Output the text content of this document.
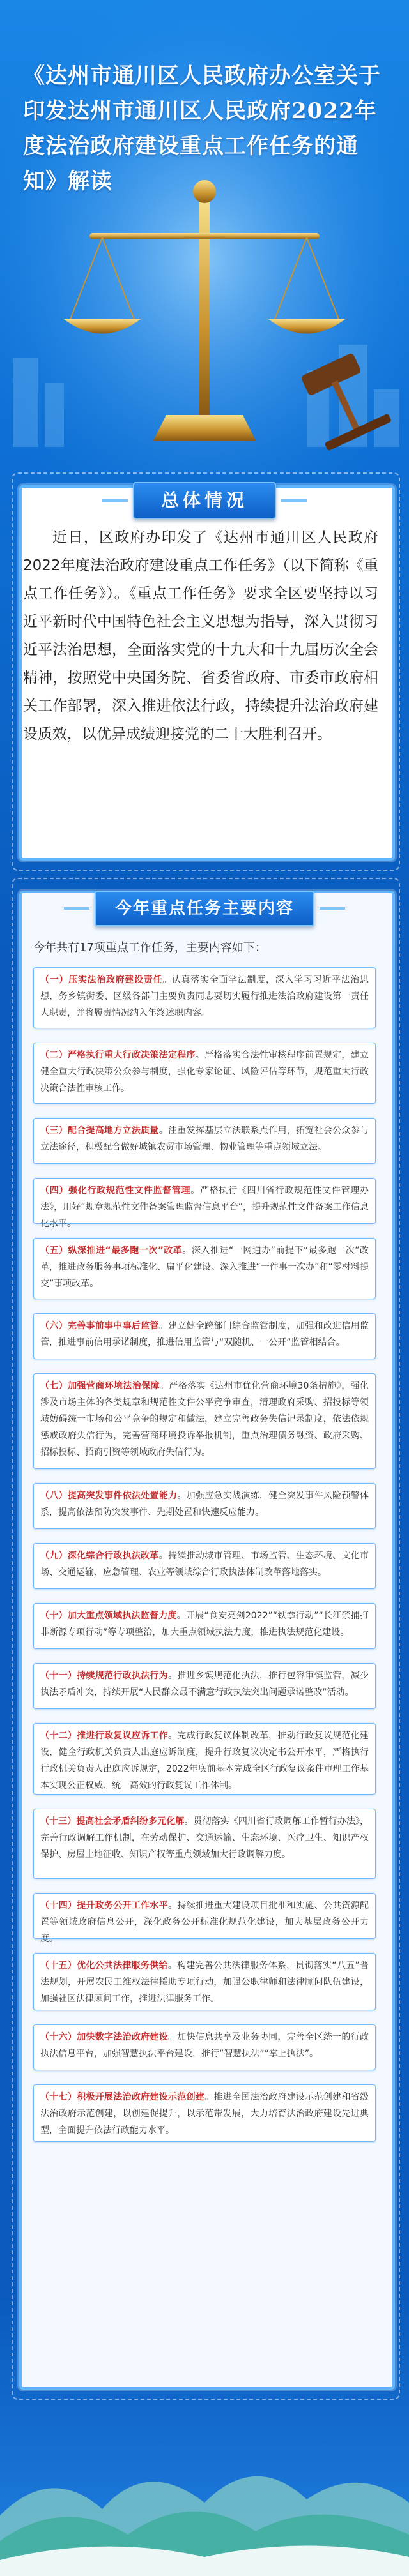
《达州市通川区人民政府办公室关于印发达州市通川区人民政府2022年度法治政府建设重点工作任务的通知》解读
总体情况
近日，区政府办印发了《达州市通川区人民政府2022年度法治政府建设重点工作任务》（以下简称《重点工作任务》）。《重点工作任务》要求全区要坚持以习近平新时代中国特色社会主义思想为指导，深入贯彻习近平法治思想，全面落实党的十九大和十九届历次全会精神，按照党中央国务院、省委省政府、市委市政府相关工作部署，深入推进依法行政，持续提升法治政府建设质效，以优异成绩迎接党的二十大胜利召开。
今年重点任务主要内容
今年共有17项重点工作任务，主要内容如下：
（一）压实法治政府建设责任。认真落实全面学法制度，深入学习习近平法治思想，务乡镇街委、区级各部门主要负责同志要切实履行推进法治政府建设第一责任人职责，并将履责情况纳入年终述职内容。
（二）严格执行重大行政决策法定程序。严格落实合法性审核程序前置规定，建立健全重大行政决策公众参与制度，强化专家论证、风险评估等环节，规范重大行政决策合法性审核工作。
（三）配合提高地方立法质量。注重发挥基层立法联系点作用，拓宽社会公众参与立法途径，积极配合做好城镇农贸市场管理、物业管理等重点领域立法。
（四）强化行政规范性文件监督管理。严格执行《四川省行政规范性文件管理办法》，用好“规章规范性文件备案管理监督信息平台”，提升规范性文件备案工作信息化水平。
（五）纵深推进“最多跑一次”改革。深入推进“一网通办”前提下“最多跑一次”改革，推进政务服务事项标准化、扁平化建设。深入推进“一件事一次办”和“零材料提交”事项改革。
（六）完善事前事中事后监管。建立健全跨部门综合监管制度，加强和改进信用监管，推进事前信用承诺制度，推进信用监管与“双随机、一公开”监管相结合。
（七）加强营商环境法治保障。严格落实《达州市优化营商环境30条措施》，强化涉及市场主体的各类规章和规范性文件公平竞争审查，清理政府采购、招投标等领域妨碍统一市场和公平竞争的规定和做法，建立完善政务失信记录制度，依法依规惩戒政府失信行为，完善营商环境投诉举报机制，重点治理债务融资、政府采购、招标投标、招商引资等领域政府失信行为。
（八）提高突发事件依法处置能力。加强应急实战演练，健全突发事件风险预警体系，提高依法预防突发事件、先期处置和快速反应能力。
（九）深化综合行政执法改革。持续推动城市管理、市场监管、生态环境、文化市场、交通运输、应急管理、农业等领域综合行政执法体制改革落地落实。
（十）加大重点领域执法监督力度。开展“食安亮剑2022”“铁拳行动”“长江禁捕打非断源专项行动”等专项整治，加大重点领域执法力度，推进执法规范化建设。
（十一）持续规范行政执法行为。推进乡镇规范化执法，推行包容审慎监管，减少执法矛盾冲突，持续开展“人民群众最不满意行政执法突出问题承诺整改”活动。
（十二）推进行政复议应诉工作。完成行政复议体制改革，推动行政复议规范化建设，健全行政机关负责人出庭应诉制度，提升行政复议决定书公开水平，严格执行行政机关负责人出庭应诉规定，2022年底前基本完成全区行政复议案件审理工作基本实现公正权威、统一高效的行政复议工作体制。
（十三）提高社会矛盾纠纷多元化解。贯彻落实《四川省行政调解工作暂行办法》，完善行政调解工作机制，在劳动保护、交通运输、生态环境、医疗卫生、知识产权保护、房屋土地征收、知识产权等重点领域加大行政调解力度。
（十四）提升政务公开工作水平。持续推进重大建设项目批准和实施、公共资源配置等领域政府信息公开，深化政务公开标准化规范化建设，加大基层政务公开力度。
（十五）优化公共法律服务供给。构建完善公共法律服务体系，贯彻落实“八五”普法规划，开展农民工维权法律援助专项行动，加强公职律师和法律顾问队伍建设，加强社区法律顾问工作，推进法律服务工作。
（十六）加快数字法治政府建设。加快信息共享及业务协同，完善全区统一的行政执法信息平台，加强智慧执法平台建设，推行“智慧执法”“掌上执法”。
（十七）积极开展法治政府建设示范创建。推进全国法治政府建设示范创建和省级法治政府示范创建，以创建促提升，以示范带发展，大力培育法治政府建设先进典型，全面提升依法行政能力水平。
